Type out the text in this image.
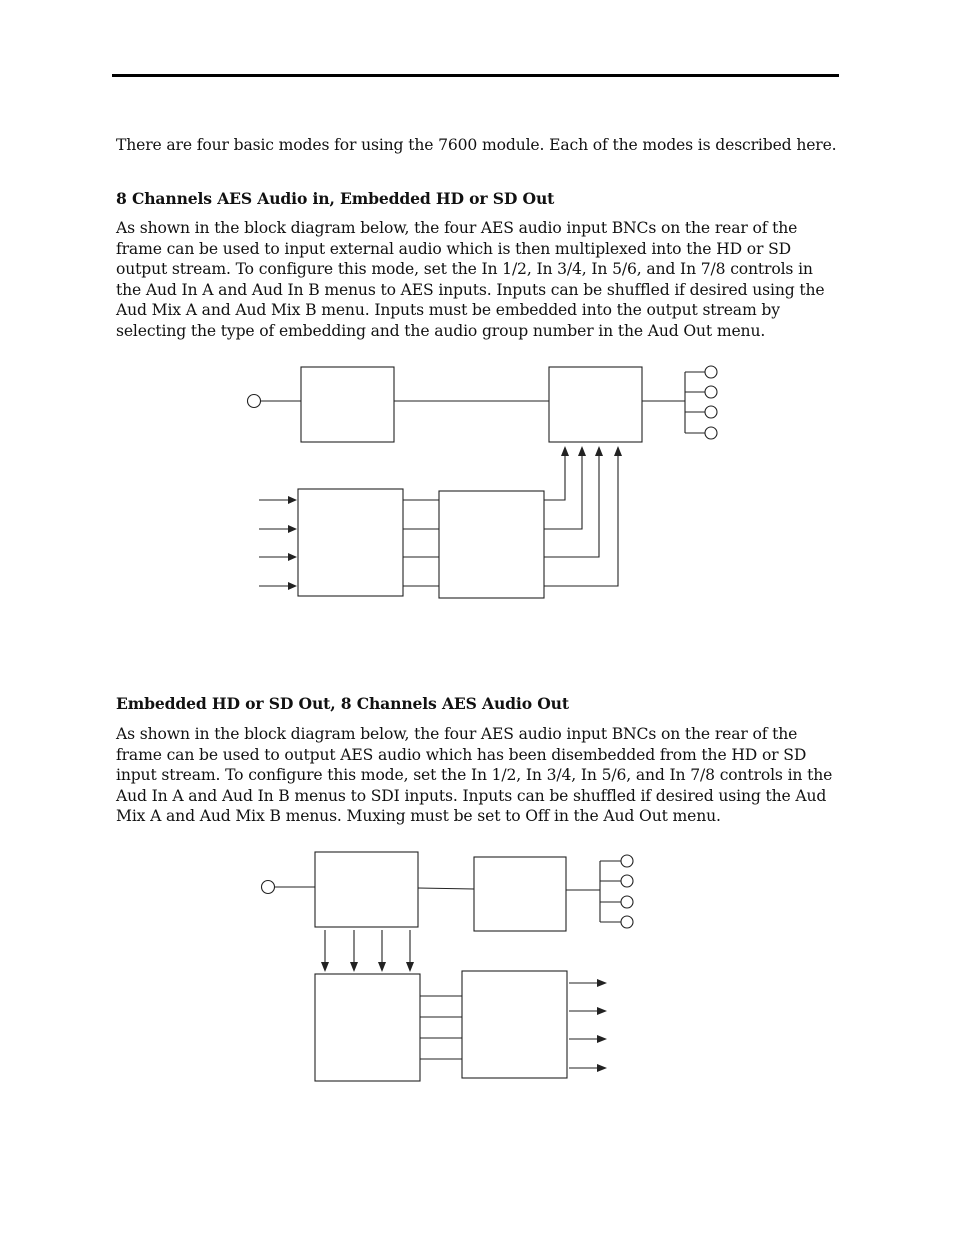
There are four basic modes for using the 7600 module. Each of the modes is described here.

8 Channels AES Audio in, Embedded HD or SD Out

As shown in the block diagram below, the four AES audio input BNCs on the rear of the frame can be used to input external audio which is then multiplexed into the HD or SD output stream. To configure this mode, set the In 1/2, In 3/4, In 5/6, and In 7/8 controls in the Aud In A and Aud In B menus to AES inputs. Inputs can be shuffled if desired using the Aud Mix A and Aud Mix B menu. Inputs must be embedded into the output stream by selecting the type of embedding and the audio group number in the Aud Out menu.

Embedded HD or SD Out, 8 Channels AES Audio Out

As shown in the block diagram below, the four AES audio input BNCs on the rear of the frame can be used to output AES audio which has been disembedded from the HD or SD input stream. To configure this mode, set the In 1/2, In 3/4, In 5/6, and In 7/8 controls in the Aud In A and Aud In B menus to SDI inputs. Inputs can be shuffled if desired using the Aud Mix A and Aud Mix B menus. Muxing must be set to Off in the Aud Out menu.
